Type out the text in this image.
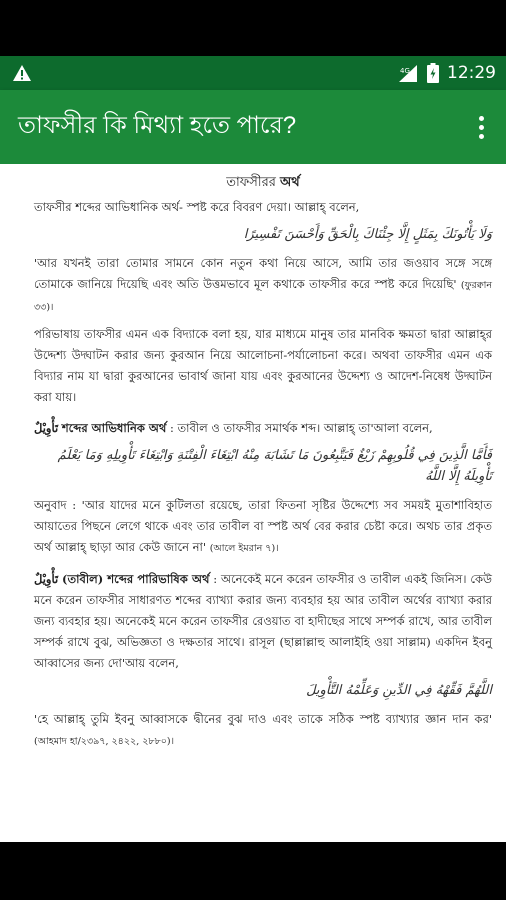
4G 12:29
তাফসীর কি মিথ্যা হতে পারে?
তাফসীরর অর্থ

তাফসীর শব্দের আভিধানিক অর্থ- স্পষ্ট করে বিবরণ দেয়া। আল্লাহ্ বলেন,

وَلَا يَأْتُونَكَ بِمَثَلٍ إِلَّا جِئْنَاكَ بِالْحَقِّ وَأَحْسَنَ تَفْسِيرًا

'আর যখনই তারা তোমার সামনে কোন নতুন কথা নিয়ে আসে, আমি তার জওয়াব সঙ্গে সঙ্গে তোমাকে জানিয়ে দিয়েছি এবং অতি উত্তমভাবে মূল কথাকে তাফসীর করে স্পষ্ট করে দিয়েছি' (ফুরক্বান ৩৩)।

পরিভাষায় তাফসীর এমন এক বিদ্যাকে বলা হয়, যার মাধ্যমে মানুষ তার মানবিক ক্ষমতা দ্বারা আল্লাহ্‌র উদ্দেশ্য উদ্ঘাটন করার জন্য কুরআন নিয়ে আলোচনা-পর্যালোচনা করে। অথবা তাফসীর এমন এক বিদ্যার নাম যা দ্বারা কুরআনের ভাবার্থ জানা যায় এবং কুরআনের উদ্দেশ্য ও আদেশ-নিষেধ উদ্ঘাটন করা যায়।

تَأْوِيْلٌ শব্দের আভিধানিক অর্থ : তাবীল ও তাফসীর সমার্থক শব্দ। আল্লাহ্ তা'আলা বলেন,

فَأَمَّا الَّذِينَ فِي قُلُوبِهِمْ زَيْغٌ فَيَتَّبِعُونَ مَا تَشَابَهَ مِنْهُ ابْتِغَاءَ الْفِتْنَةِ وَابْتِغَاءَ تَأْوِيلِهِ وَمَا يَعْلَمُ تَأْوِيلَهُ إِلَّا اللَّهُ

অনুবাদ : 'আর যাদের মনে কুটিলতা রয়েছে, তারা ফিতনা সৃষ্টির উদ্দেশ্যে সব সময়ই মুতাশাবিহাত আয়াতের পিছনে লেগে থাকে এবং তার তাবীল বা স্পষ্ট অর্থ বের করার চেষ্টা করে। অথচ তার প্রকৃত অর্থ আল্লাহ্ ছাড়া আর কেউ জানে না' (আলে ইমরান ৭)।

تَأْوِيْلٌ (তাবীল) শব্দের পারিভাষিক অর্থ : অনেকেই মনে করেন তাফসীর ও তাবীল একই জিনিস। কেউ মনে করেন তাফসীর সাধারণত শব্দের ব্যাখ্যা করার জন্য ব্যবহার হয় আর তাবীল অর্থের ব্যাখ্যা করার জন্য ব্যবহার হয়। অনেকেই মনে করেন তাফসীর রেওয়াত বা হাদীছের সাথে সম্পর্ক রাখে, আর তাবীল সম্পর্ক রাখে বুঝ, অভিজ্ঞতা ও দক্ষতার সাথে। রাসূল (ছাল্লাল্লাহু আলাইহি ওয়া সাল্লাম) একদিন ইবনু আব্বাসের জন্য দো'আয় বলেন,

اللَّهُمَّ فَقِّهْهُ فِي الدِّينِ وَعَلِّمْهُ التَّأْوِيلَ

'হে আল্লাহ্ তুমি ইবনু আব্বাসকে দ্বীনের বুঝ দাও এবং তাকে সঠিক স্পষ্ট ব্যাখ্যার জ্ঞান দান কর' (আহমাদ হা/২৩৯৭, ২৪২২, ২৮৮০)।
